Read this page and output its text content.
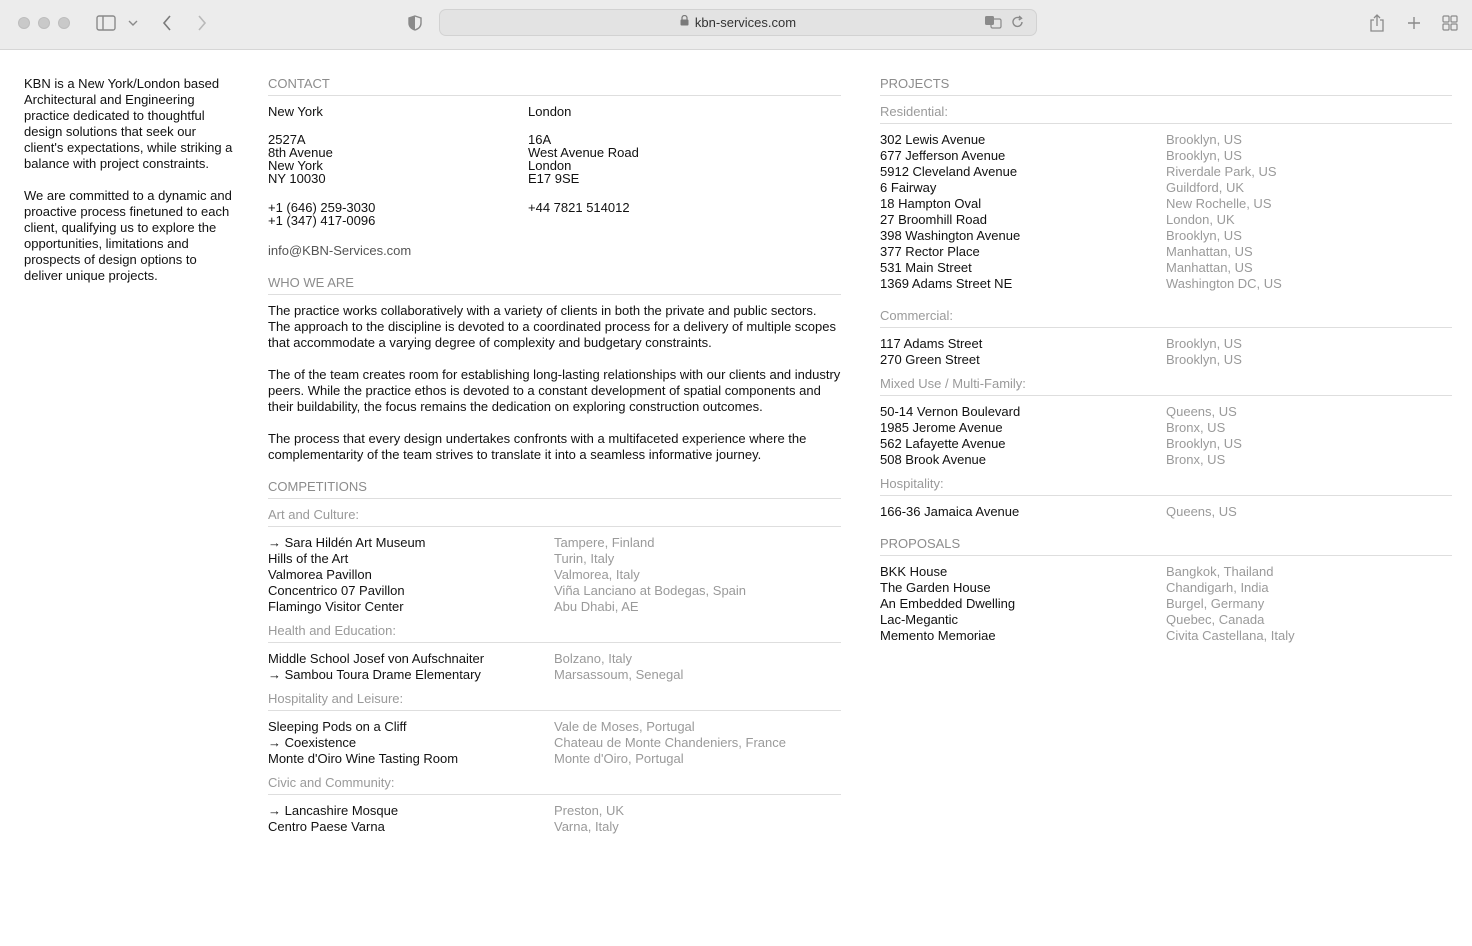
kbn-services.com

KBN is a New York/London based Architectural and Engineering practice dedicated to thoughtful design solutions that seek our client's expectations, while striking a balance with project constraints.

We are committed to a dynamic and proactive process finetuned to each client, qualifying us to explore the opportunities, limitations and prospects of design options to deliver unique projects.

CONTACT
New York
2527A
8th Avenue
New York
NY 10030
+1 (646) 259-3030
+1 (347) 417-0096
London
16A
West Avenue Road
London
E17 9SE
+44 7821 514012
info@KBN-Services.com
WHO WE ARE

The practice works collaboratively with a variety of clients in both the private and public sectors. The approach to the discipline is devoted to a coordinated process for a delivery of multiple scopes that accommodate a varying degree of complexity and budgetary constraints.

The of the team creates room for establishing long-lasting relationships with our clients and industry peers. While the practice ethos is devoted to a constant development of spatial components and their buildability, the focus remains the dedication on exploring construction outcomes.

The process that every design undertakes confronts with a multifaceted experience where the complementarity of the team strives to translate it into a seamless informative journey.

COMPETITIONS
Art and Culture:
→ Sara Hildén Art Museum	Tampere, Finland
Hills of the Art	Turin, Italy
Valmorea Pavillon	Valmorea, Italy
Concentrico 07 Pavillon	Viña Lanciano at Bodegas, Spain
Flamingo Visitor Center	Abu Dhabi, AE
Health and Education:
Middle School Josef von Aufschnaiter	Bolzano, Italy
→ Sambou Toura Drame Elementary	Marsassoum, Senegal
Hospitality and Leisure:
Sleeping Pods on a Cliff	Vale de Moses, Portugal
→ Coexistence	Chateau de Monte Chandeniers, France
Monte d'Oiro Wine Tasting Room	Monte d'Oiro, Portugal
Civic and Community:
→ Lancashire Mosque	Preston, UK
Centro Paese Varna	Varna, Italy
PROJECTS
Residential:
302 Lewis Avenue	Brooklyn, US
677 Jefferson Avenue	Brooklyn, US
5912 Cleveland Avenue	Riverdale Park, US
6 Fairway	Guildford, UK
18 Hampton Oval	New Rochelle, US
27 Broomhill Road	London, UK
398 Washington Avenue	Brooklyn, US
377 Rector Place	Manhattan, US
531 Main Street	Manhattan, US
1369 Adams Street NE	Washington DC, US
Commercial:
117 Adams Street	Brooklyn, US
270 Green Street	Brooklyn, US
Mixed Use / Multi-Family:
50-14 Vernon Boulevard	Queens, US
1985 Jerome Avenue	Bronx, US
562 Lafayette Avenue	Brooklyn, US
508 Brook Avenue	Bronx, US
Hospitality:
166-36 Jamaica Avenue	Queens, US
PROPOSALS
BKK House	Bangkok, Thailand
The Garden House	Chandigarh, India
An Embedded Dwelling	Burgel, Germany
Lac-Megantic	Quebec, Canada
Memento Memoriae	Civita Castellana, Italy
